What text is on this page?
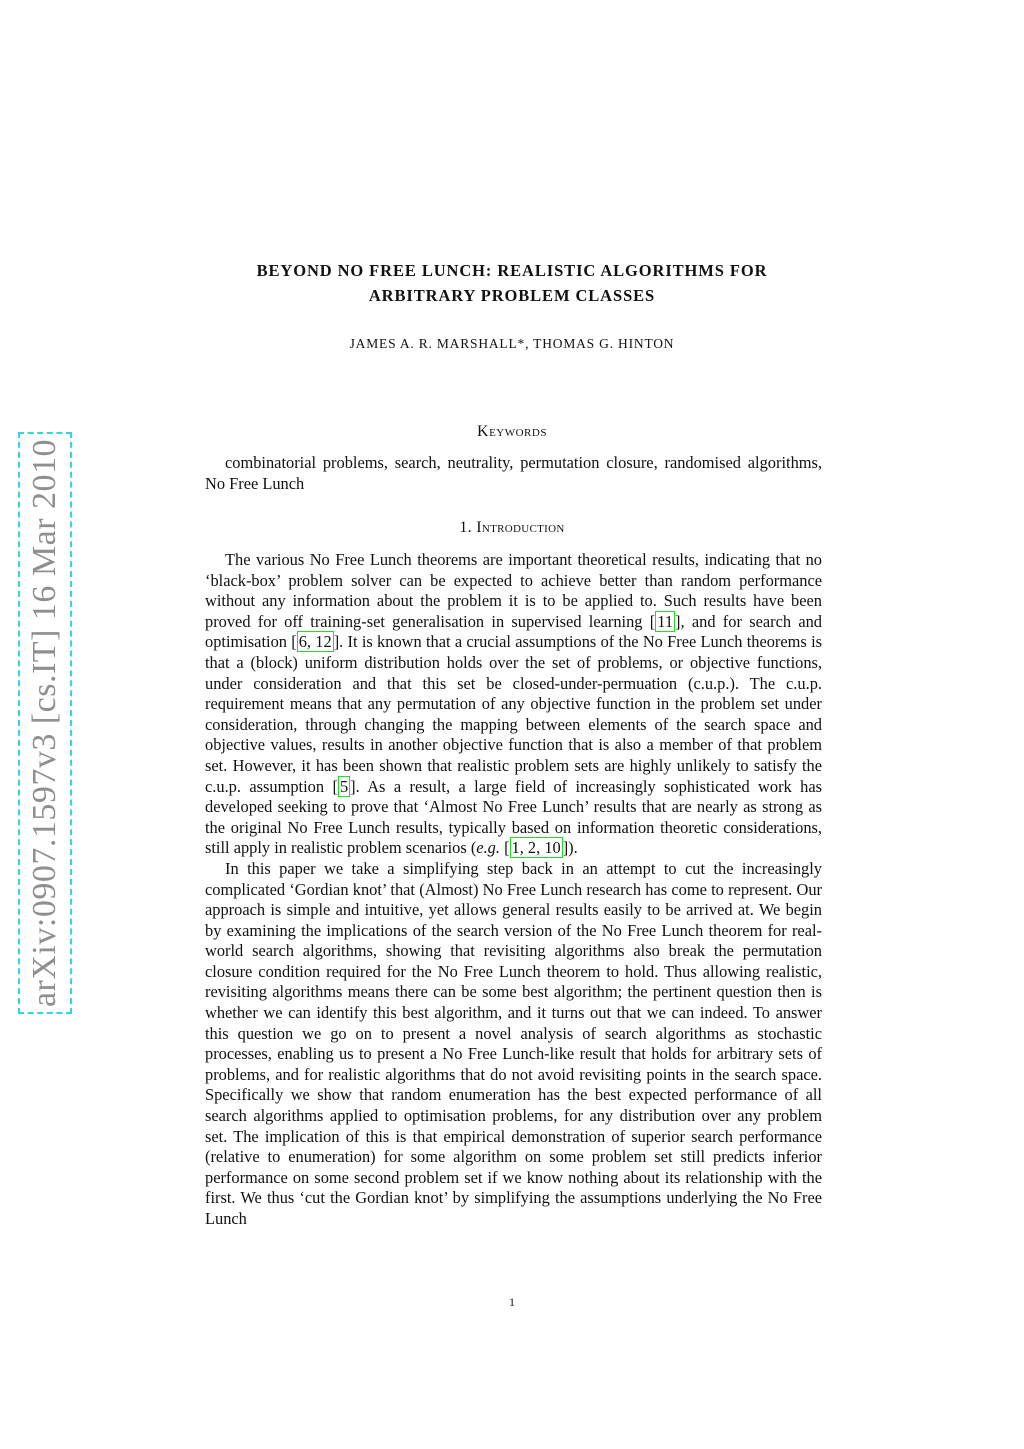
arXiv:0907.1597v3 [cs.IT] 16 Mar 2010
BEYOND NO FREE LUNCH: REALISTIC ALGORITHMS FOR
ARBITRARY PROBLEM CLASSES
JAMES A. R. MARSHALL*, THOMAS G. HINTON
Keywords

combinatorial problems, search, neutrality, permutation closure, randomised algorithms, No Free Lunch

1. Introduction

The various No Free Lunch theorems are important theoretical results, indicating that no ‘black-box’ problem solver can be expected to achieve better than random performance without any information about the problem it is to be applied to. Such results have been proved for off training-set generalisation in supervised learning [ 11 ], and for search and optimisation [ 6, 12 ]. It is known that a crucial assumptions of the No Free Lunch theorems is that a (block) uniform distribution holds over the set of problems, or objective functions, under consideration and that this set be closed-under-permuation (c.u.p.). The c.u.p. requirement means that any permutation of any objective function in the problem set under consideration, through changing the mapping between elements of the search space and objective values, results in another objective function that is also a member of that problem set. However, it has been shown that realistic problem sets are highly unlikely to satisfy the c.u.p. assumption [ 5 ]. As a result, a large field of increasingly sophisticated work has developed seeking to prove that ‘Almost No Free Lunch’ results that are nearly as strong as the original No Free Lunch results, typically based on information theoretic considerations, still apply in realistic problem scenarios (e.g. [ 1, 2, 10 ]).

In this paper we take a simplifying step back in an attempt to cut the increasingly complicated ‘Gordian knot’ that (Almost) No Free Lunch research has come to represent. Our approach is simple and intuitive, yet allows general results easily to be arrived at. We begin by examining the implications of the search version of the No Free Lunch theorem for real-world search algorithms, showing that revisiting algorithms also break the permutation closure condition required for the No Free Lunch theorem to hold. Thus allowing realistic, revisiting algorithms means there can be some best algorithm; the pertinent question then is whether we can identify this best algorithm, and it turns out that we can indeed. To answer this question we go on to present a novel analysis of search algorithms as stochastic processes, enabling us to present a No Free Lunch-like result that holds for arbitrary sets of problems, and for realistic algorithms that do not avoid revisiting points in the search space. Specifically we show that random enumeration has the best expected performance of all search algorithms applied to optimisation problems, for any distribution over any problem set. The implication of this is that empirical demonstration of superior search performance (relative to enumeration) for some algorithm on some problem set still predicts inferior performance on some second problem set if we know nothing about its relationship with the first. We thus ‘cut the Gordian knot’ by simplifying the assumptions underlying the No Free Lunch

1
